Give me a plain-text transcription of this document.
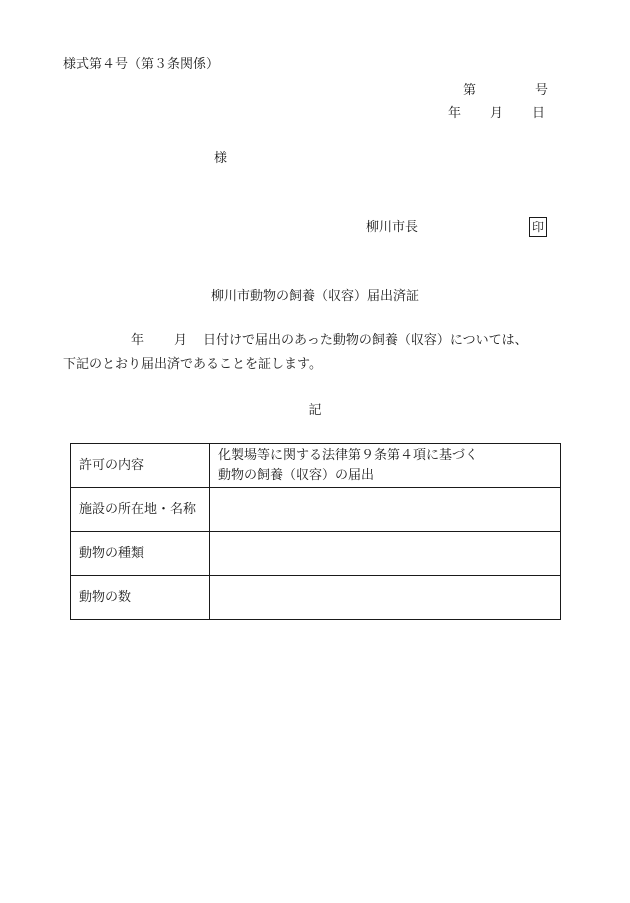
様式第４号（第３条関係）
第	号
年 月 日
様
柳川市長	印
柳川市動物の飼養（収容）届出済証
年 月 日付けで届出のあった動物の飼養（収容）については、
下記のとおり届出済であることを証します。
記
許可の内容	化製場等に関する法律第９条第４項に基づく
動物の飼養（収容）の届出

施設の所在地・名称	
動物の種類	
動物の数	
